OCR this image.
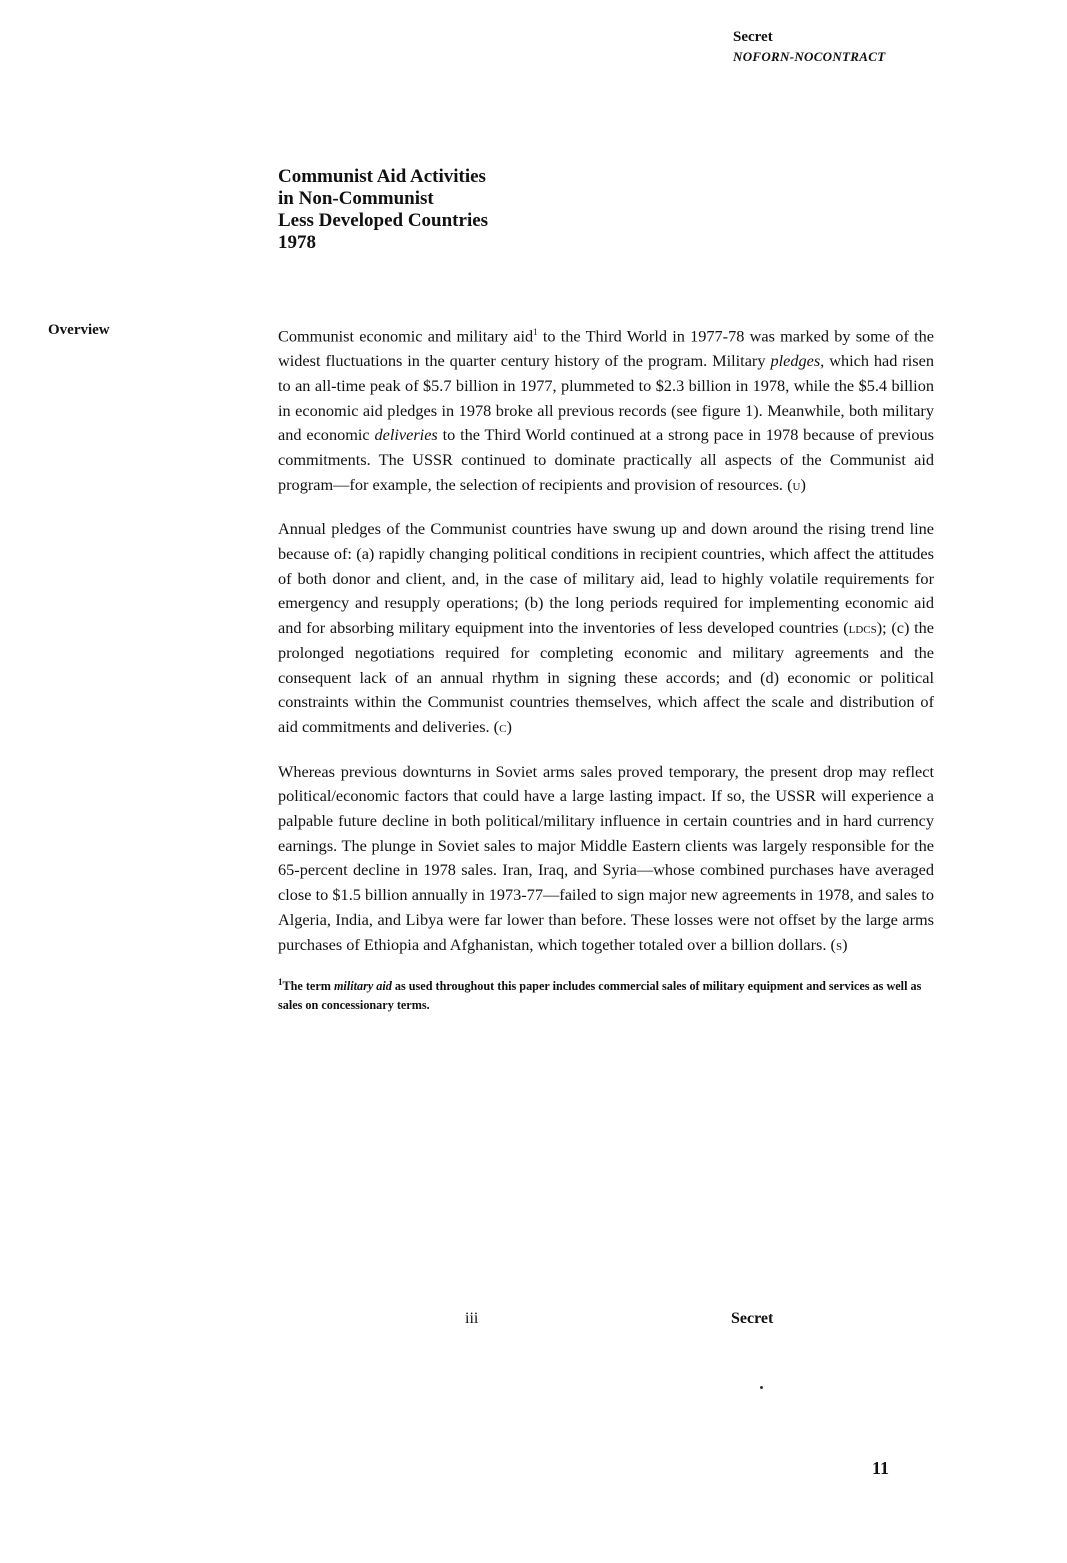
Secret
NOFORN-NOCONTRACT
Communist Aid Activities
in Non-Communist
Less Developed Countries
1978
Overview	Communist economic and military aid$^1$ to the Third World in 1977-78 was marked by some of the widest fluctuations in the quarter century history of the program. Military pledges, which had risen to an all-time peak of $5.7 billion in 1977, plummeted to $2.3 billion in 1978, while the $5.4 billion in economic aid pledges in 1978 broke all previous records (see figure 1). Meanwhile, both military and economic deliveries to the Third World continued at a strong pace in 1978 because of previous commitments. The USSR continued to dominate practically all aspects of the Communist aid program—for example, the selection of recipients and provision of resources. (u)

Annual pledges of the Communist countries have swung up and down around the rising trend line because of: (a) rapidly changing political conditions in recipient countries, which affect the attitudes of both donor and client, and, in the case of military aid, lead to highly volatile requirements for emergency and resupply operations; (b) the long periods required for implementing economic aid and for absorbing military equipment into the inventories of less developed countries (ldcs); (c) the prolonged negotiations required for completing economic and military agreements and the consequent lack of an annual rhythm in signing these accords; and (d) economic or political constraints within the Communist countries themselves, which affect the scale and distribution of aid commitments and deliveries. (c)

Whereas previous downturns in Soviet arms sales proved temporary, the present drop may reflect political/economic factors that could have a large lasting impact. If so, the USSR will experience a palpable future decline in both political/military influence in certain countries and in hard currency earnings. The plunge in Soviet sales to major Middle Eastern clients was largely responsible for the 65-percent decline in 1978 sales. Iran, Iraq, and Syria—whose combined purchases have averaged close to $1.5 billion annually in 1973-77—failed to sign major new agreements in 1978, and sales to Algeria, India, and Libya were far lower than before. These losses were not offset by the large arms purchases of Ethiopia and Afghanistan, which together totaled over a billion dollars. (s)

$^1$The term military aid as used throughout this paper includes commercial sales of military equipment and services as well as sales on concessionary terms.
iii	Secret
11
